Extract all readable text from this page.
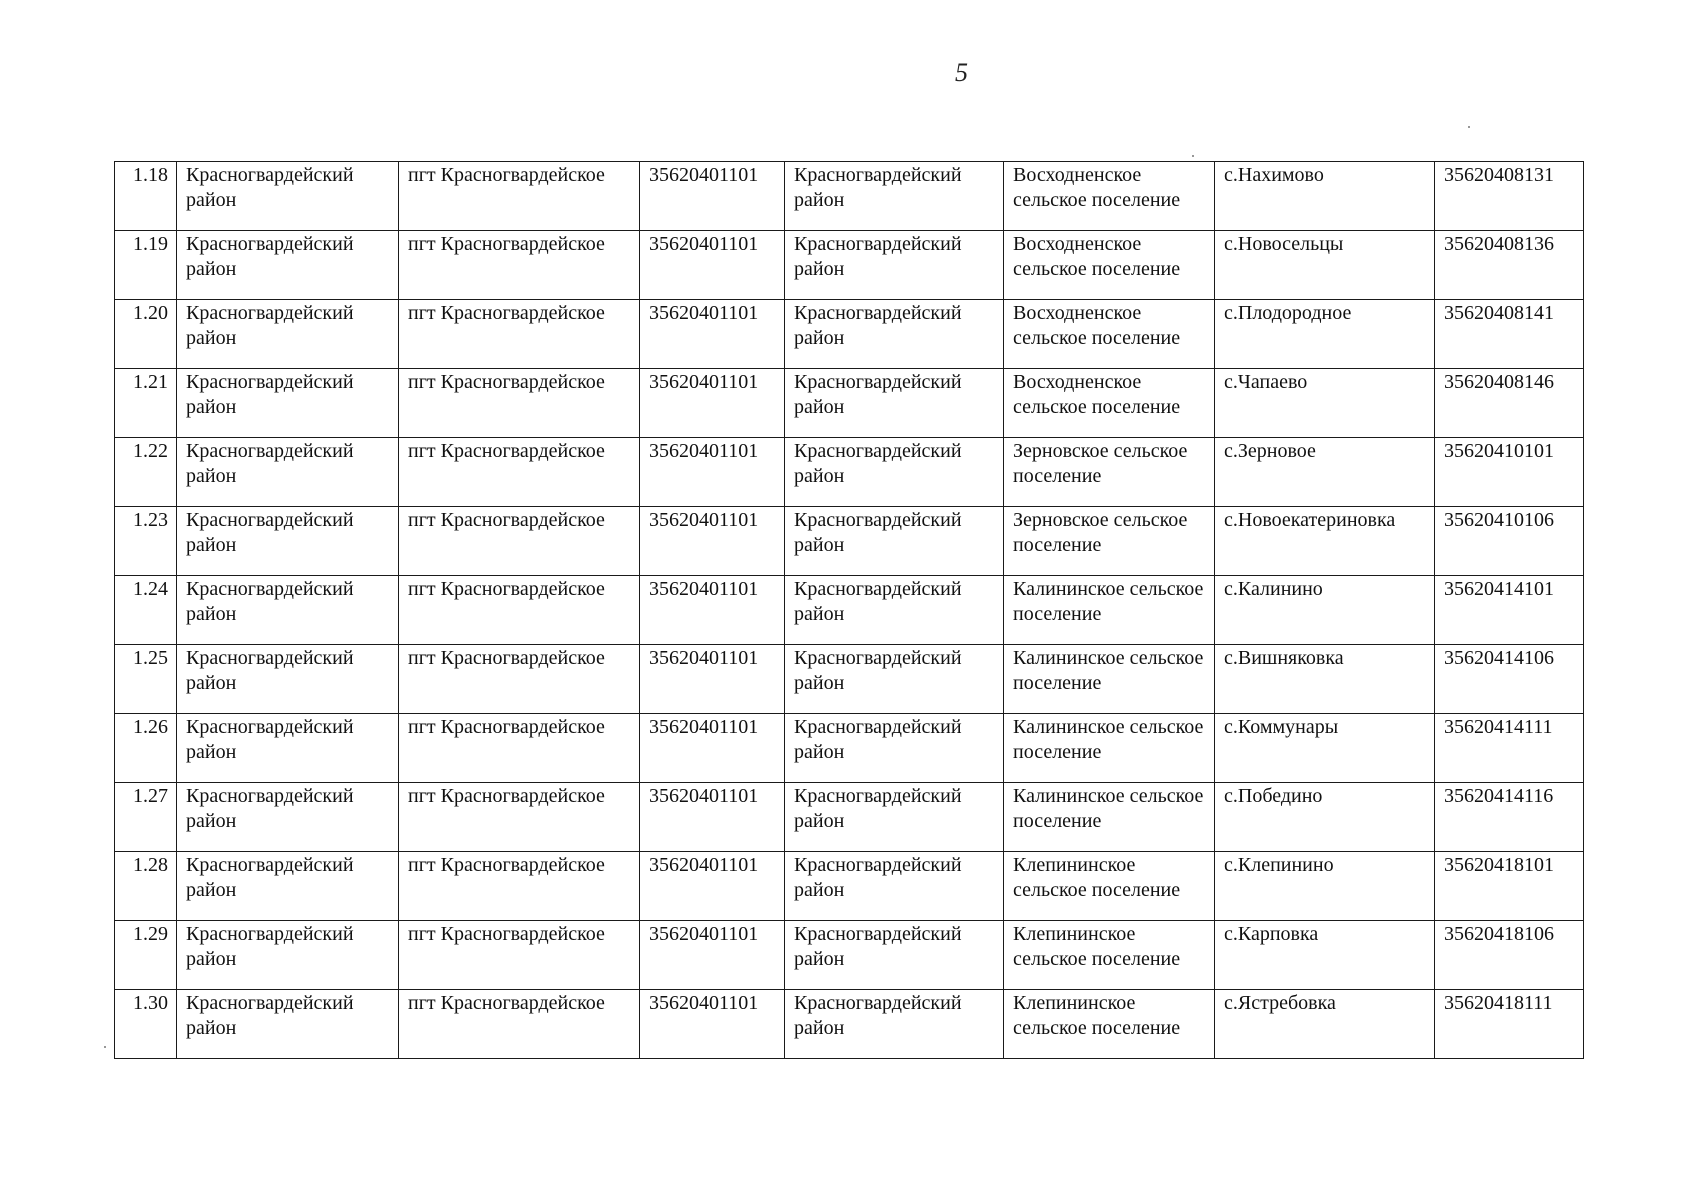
5
1.18	Красногвардейский район	пгт Красногвардейское	35620401101	Красногвардейский район	Восходненское сельское поселение	с.Нахимово	35620408131
1.19	Красногвардейский район	пгт Красногвардейское	35620401101	Красногвардейский район	Восходненское сельское поселение	с.Новосельцы	35620408136
1.20	Красногвардейский район	пгт Красногвардейское	35620401101	Красногвардейский район	Восходненское сельское поселение	с.Плодородное	35620408141
1.21	Красногвардейский район	пгт Красногвардейское	35620401101	Красногвардейский район	Восходненское сельское поселение	с.Чапаево	35620408146
1.22	Красногвардейский район	пгт Красногвардейское	35620401101	Красногвардейский район	Зерновское сельское поселение	с.Зерновое	35620410101
1.23	Красногвардейский район	пгт Красногвардейское	35620401101	Красногвардейский район	Зерновское сельское поселение	с.Новоекатериновка	35620410106
1.24	Красногвардейский район	пгт Красногвардейское	35620401101	Красногвардейский район	Калининское сельское поселение	с.Калинино	35620414101
1.25	Красногвардейский район	пгт Красногвардейское	35620401101	Красногвардейский район	Калининское сельское поселение	с.Вишняковка	35620414106
1.26	Красногвардейский район	пгт Красногвардейское	35620401101	Красногвардейский район	Калининское сельское поселение	с.Коммунары	35620414111
1.27	Красногвардейский район	пгт Красногвардейское	35620401101	Красногвардейский район	Калининское сельское поселение	с.Победино	35620414116
1.28	Красногвардейский район	пгт Красногвардейское	35620401101	Красногвардейский район	Клепининское сельское поселение	с.Клепинино	35620418101
1.29	Красногвардейский район	пгт Красногвардейское	35620401101	Красногвардейский район	Клепининское сельское поселение	с.Карповка	35620418106
1.30	Красногвардейский район	пгт Красногвардейское	35620401101	Красногвардейский район	Клепининское сельское поселение	с.Ястребовка	35620418111
